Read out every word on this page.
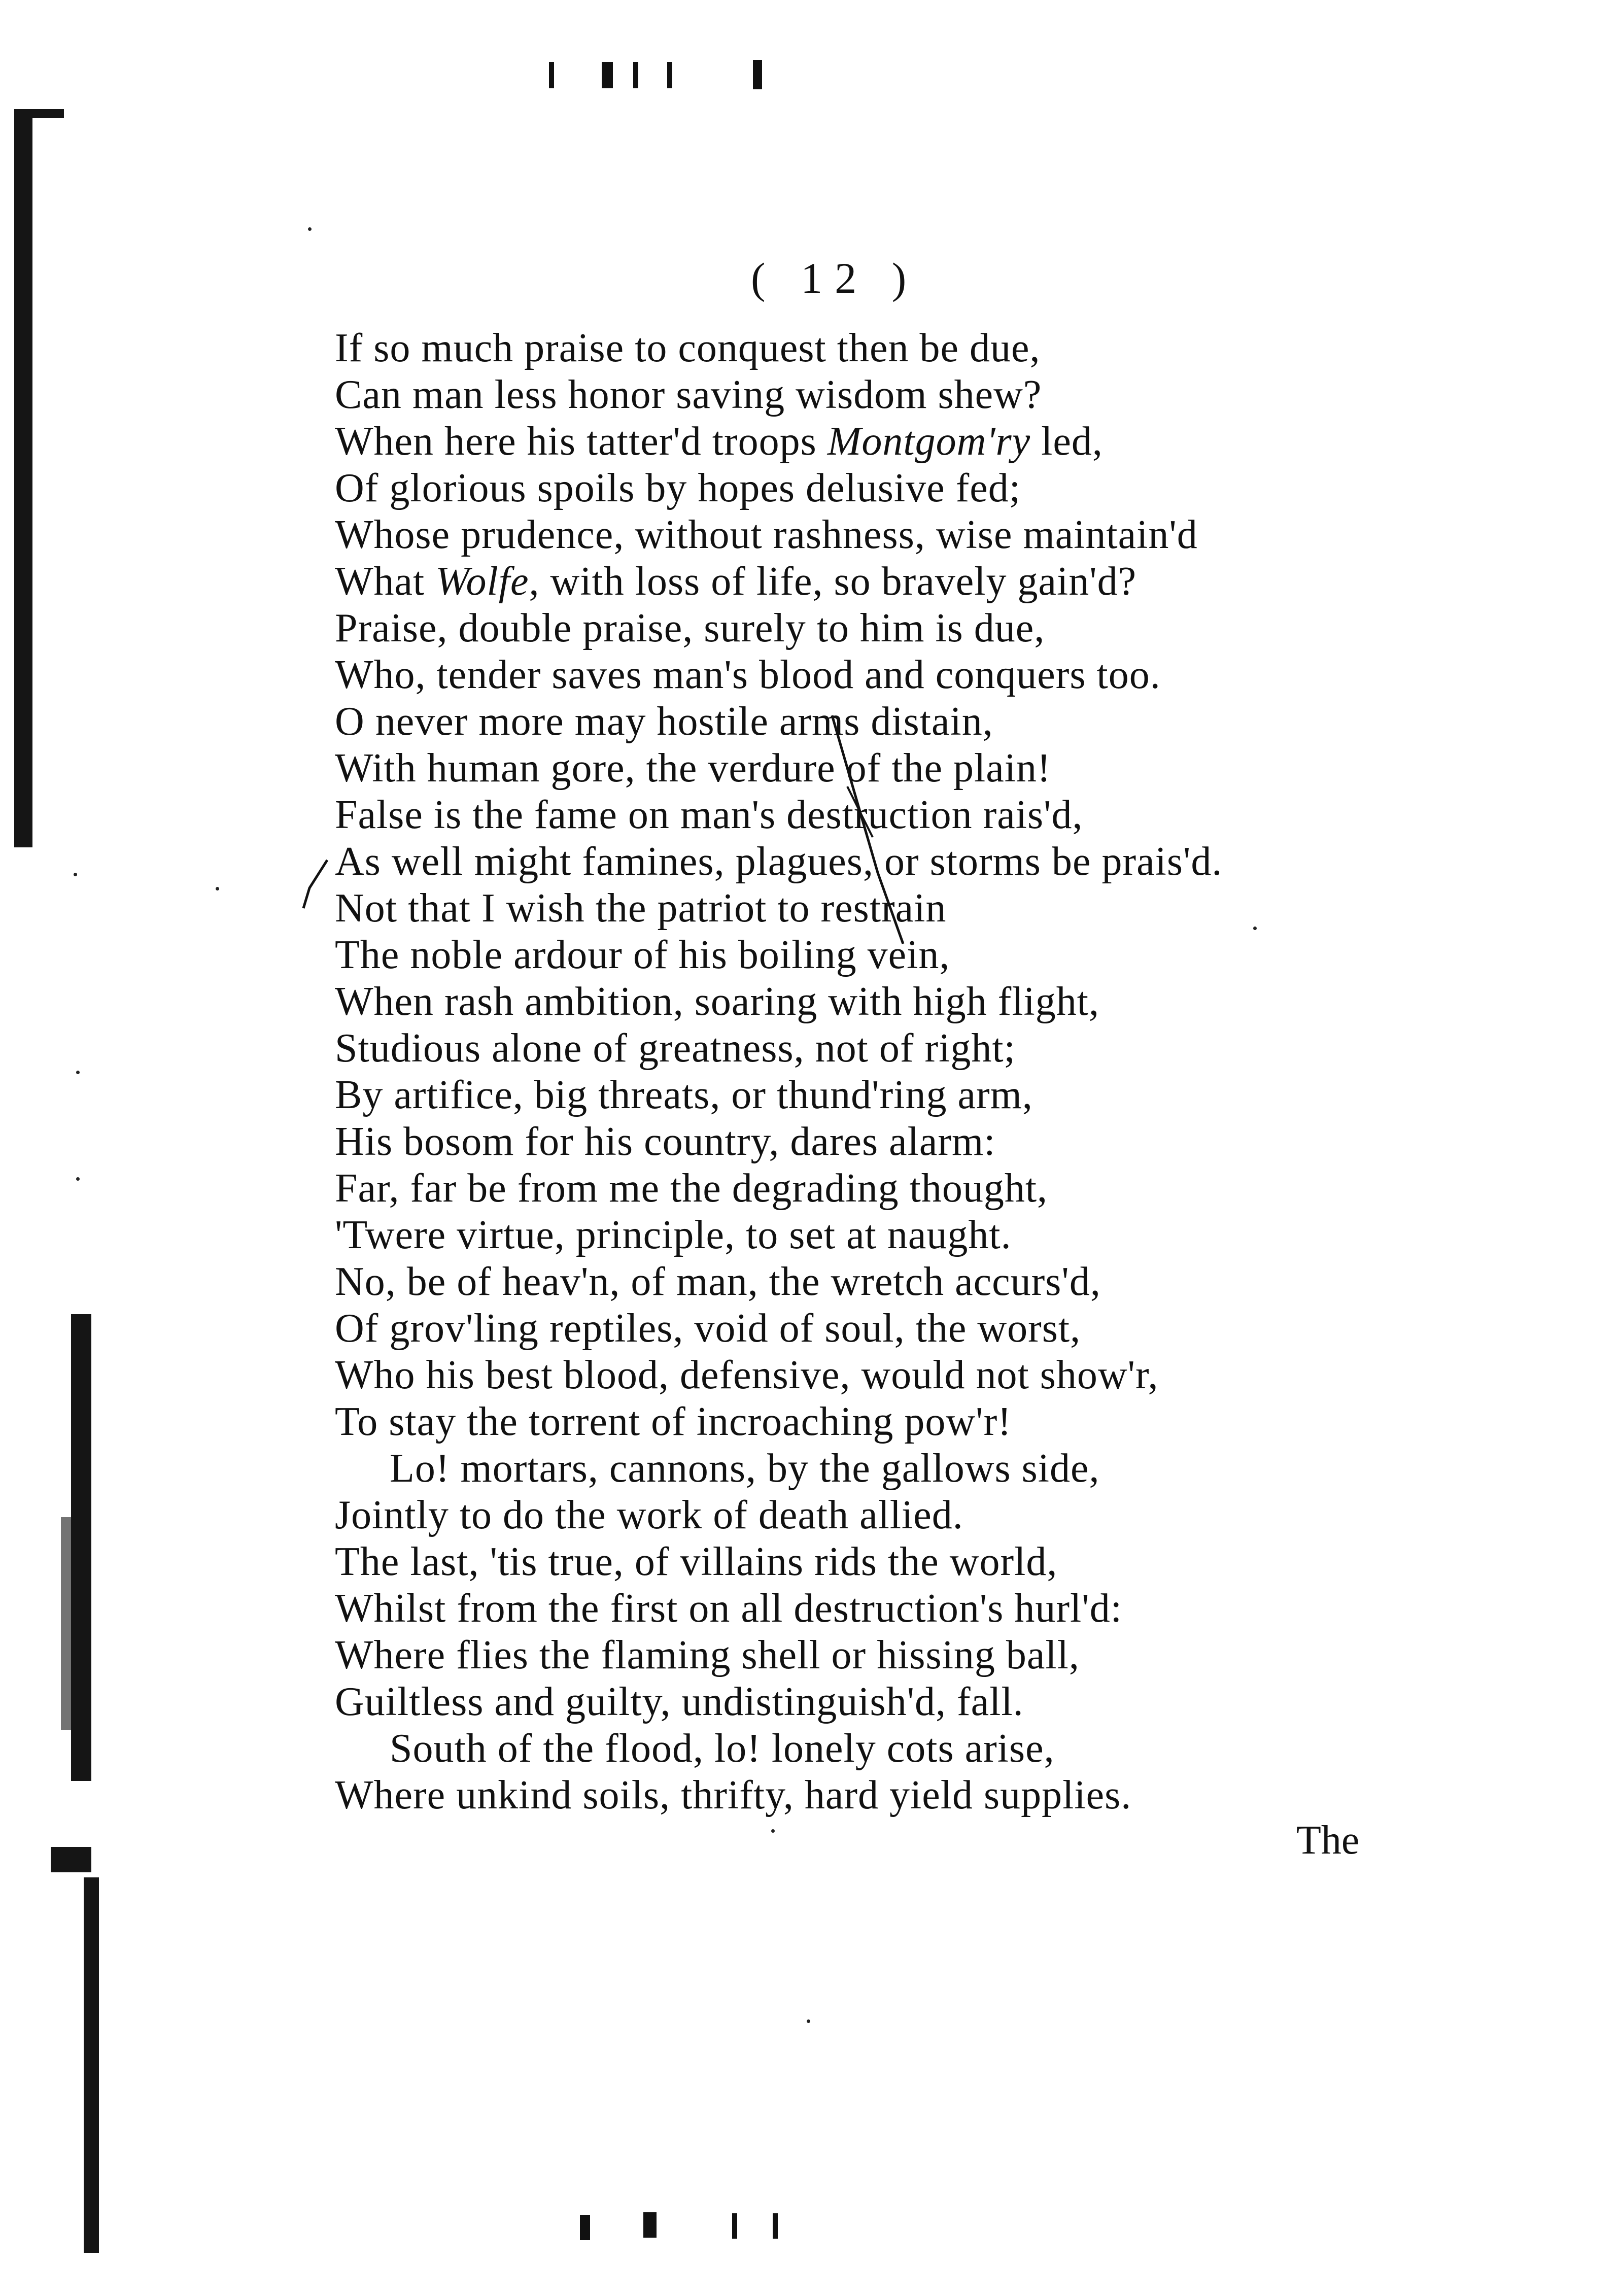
( 12 )
If so much praise to conquest then be due,
Can man less honor saving wisdom shew?
When here his tatter'd troops Montgom'ry led,
Of glorious spoils by hopes delusive fed;
Whose prudence, without rashness, wise maintain'd
What Wolfe, with loss of life, so bravely gain'd?
Praise, double praise, surely to him is due,
Who, tender saves man's blood and conquers too.
O never more may hostile arms distain,
With human gore, the verdure of the plain!
False is the fame on man's destruction rais'd,
As well might famines, plagues, or storms be prais'd.
Not that I wish the patriot to restrain
The noble ardour of his boiling vein,
When rash ambition, soaring with high flight,
Studious alone of greatness, not of right;
By artifice, big threats, or thund'ring arm,
His bosom for his country, dares alarm:
Far, far be from me the degrading thought,
'Twere virtue, principle, to set at naught.
No, be of heav'n, of man, the wretch accurs'd,
Of grov'ling reptiles, void of soul, the worst,
Who his best blood, defensive, would not show'r,
To stay the torrent of incroaching pow'r!
Lo! mortars, cannons, by the gallows side,
Jointly to do the work of death allied.
The last, 'tis true, of villains rids the world,
Whilst from the first on all destruction's hurl'd:
Where flies the flaming shell or hissing ball,
Guiltless and guilty, undistinguish'd, fall.
South of the flood, lo! lonely cots arise,
Where unkind soils, thrifty, hard yield supplies.
The
